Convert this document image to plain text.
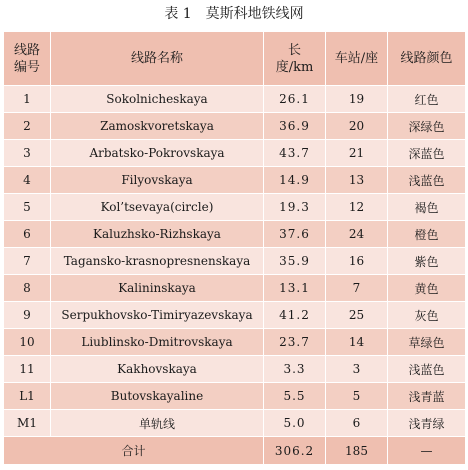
表 1 莫斯科地铁线网
线路编号	线路名称	长度/km	车站/座	线路颜色
1	Sokolnicheskaya	26.1	19	红色
2	Zamoskvoretskaya	36.9	20	深绿色
3	Arbatsko-Pokrovskaya	43.7	21	深蓝色
4	Filyovskaya	14.9	13	浅蓝色
5	Kol’tsevaya(circle)	19.3	12	褐色
6	Kaluzhsko-Rizhskaya	37.6	24	橙色
7	Tagansko-krasnopresnenskaya	35.9	16	紫色
8	Kalininskaya	13.1	7	黄色
9	Serpukhovsko-Timiryazevskaya	41.2	25	灰色
10	Liublinsko-Dmitrovskaya	23.7	14	草绿色
11	Kakhovskaya	3.3	3	浅蓝色
L1	Butovskayaline	5.5	5	浅青蓝
M1	单轨线	5.0	6	浅青绿
合计		306.2	185	—
